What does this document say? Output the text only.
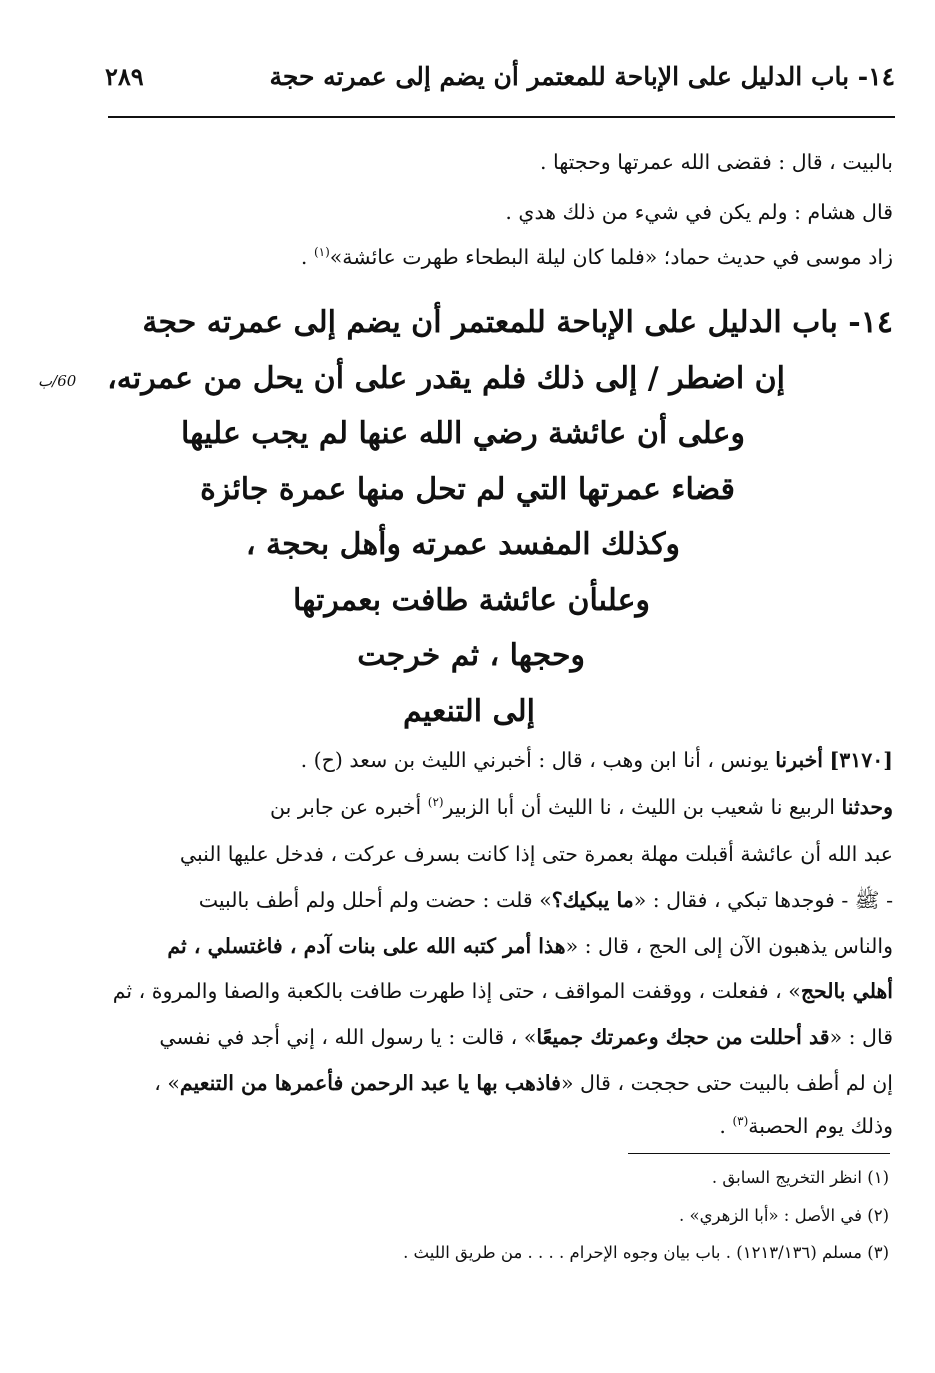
١٤- باب الدليل على الإباحة للمعتمر أن يضم إلى عمرته حجة
٢٨٩
بالبيت ، قال : فقضى الله عمرتها وحجتها .
قال هشام : ولم يكن في شيء من ذلك هدي .
زاد موسى في حديث حماد؛ «فلما كان ليلة البطحاء طهرت عائشة»$^{(١)}$ .
١٤- باب الدليل على الإباحة للمعتمر أن يضم إلى عمرته حجة
إن اضطر / إلى ذلك فلم يقدر على أن يحل من عمرته،
60/ب
وعلى أن عائشة رضي الله عنها لم يجب عليها
قضاء عمرتها التي لم تحل منها عمرة جائزة
وكذلك المفسد عمرته وأهل بحجة ،
وعلىأن عائشة طافت بعمرتها
وحجها ، ثم خرجت
إلى التنعيم
[٣١٧٠] أخبرنا يونس ، أنا ابن وهب ، قال : أخبرني الليث بن سعد (ح) .
وحدثنا الربيع نا شعيب بن الليث ، نا الليث أن أبا الزبير$^{(٢)}$ أخبره عن جابر بن
عبد الله أن عائشة أقبلت مهلة بعمرة حتى إذا كانت بسرف عركت ، فدخل عليها النبي
- ﷺ - فوجدها تبكي ، فقال : «ما يبكيك؟» قلت : حضت ولم أحلل ولم أطف بالبيت
والناس يذهبون الآن إلى الحج ، قال : «هذا أمر كتبه الله على بنات آدم ، فاغتسلي ، ثم
أهلي بالحج» ، ففعلت ، ووقفت المواقف ، حتى إذا طهرت طافت بالكعبة والصفا والمروة ، ثم
قال : «قد أحللت من حجك وعمرتك جميعًا» ، قالت : يا رسول الله ، إني أجد في نفسي
إن لم أطف بالبيت حتى حججت ، قال «فاذهب بها يا عبد الرحمن فأعمرها من التنعيم» ،
وذلك يوم الحصبة$^{(٣)}$ .
(١) انظر التخريج السابق .
(٢) في الأصل : «أبا الزهري» .
(٣) مسلم (١٢١٣/١٣٦) . باب بيان وجوه الإحرام . . . . من طريق الليث .
